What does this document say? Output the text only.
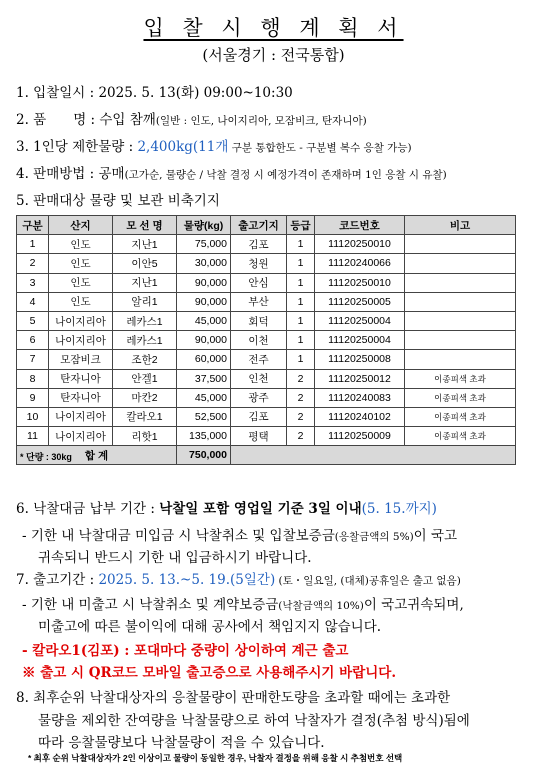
입 찰 시 행 계 획 서
(서울경기 : 전국통합)
1. 입찰일시 : 2025. 5. 13(화) 09:00~10:30
2. 품　　명 : 수입 참깨(일반 : 인도, 나이지리아, 모잠비크, 탄자니아)
3. 1인당 제한물량 : 2,400kg(11개 구분 통합한도 - 구분별 복수 응찰 가능)
4. 판매방법 : 공매(고가순, 물량순 / 낙찰 결정 시 예정가격이 존재하며 1인 응찰 시 유찰)
5. 판매대상 물량 및 보관 비축기지
구분	산지	모 선 명	물량(kg)	출고기지	등급	코드번호	비고
1	인도	지난1	75,000	김포	1	11120250010	
2	인도	이안5	30,000	청원	1	11120240066	
3	인도	지난1	90,000	안심	1	11120250010	
4	인도	알리1	90,000	부산	1	11120250005	
5	나이지리아	레카스1	45,000	회덕	1	11120250004	
6	나이지리아	레카스1	90,000	이천	1	11120250004	
7	모잠비크	조한2	60,000	전주	1	11120250008	
8	탄자니아	안겔1	37,500	인천	2	11120250012	이종피색 초과
9	탄자니아	마칸2	45,000	광주	2	11120240083	이종피색 초과
10	나이지리아	칼라오1	52,500	김포	2	11120240102	이종피색 초과
11	나이지리아	리핫1	135,000	평택	2	11120250009	이종피색 초과
합 계			750,000				
* 단량 : 30kg
6. 낙찰대금 납부 기간 : 낙찰일 포함 영업일 기준 3일 이내(5. 15.까지)
- 기한 내 낙찰대금 미입금 시 낙찰취소 및 입찰보증금(응찰금액의 5%)이 국고
귀속되니 반드시 기한 내 입금하시기 바랍니다.
7. 출고기간 : 2025. 5. 13.~5. 19.(5일간) (토・일요일, (대체)공휴일은 출고 없음)
- 기한 내 미출고 시 낙찰취소 및 계약보증금(낙찰금액의 10%)이 국고귀속되며,
미출고에 따른 불이익에 대해 공사에서 책임지지 않습니다.
- 칼라오1(김포) : 포대마다 중량이 상이하여 계근 출고
※ 출고 시 QR코드 모바일 출고증으로 사용해주시기 바랍니다.
8. 최후순위 낙찰대상자의 응찰물량이 판매한도량을 초과할 때에는 초과한
물량을 제외한 잔여량을 낙찰물량으로 하여 낙찰자가 결정(추첨 방식)됨에
따라 응찰물량보다 낙찰물량이 적을 수 있습니다.
* 최후 순위 낙찰대상자가 2인 이상이고 물량이 동일한 경우, 낙찰자 결정을 위해 응찰 시 추첨번호 선택
